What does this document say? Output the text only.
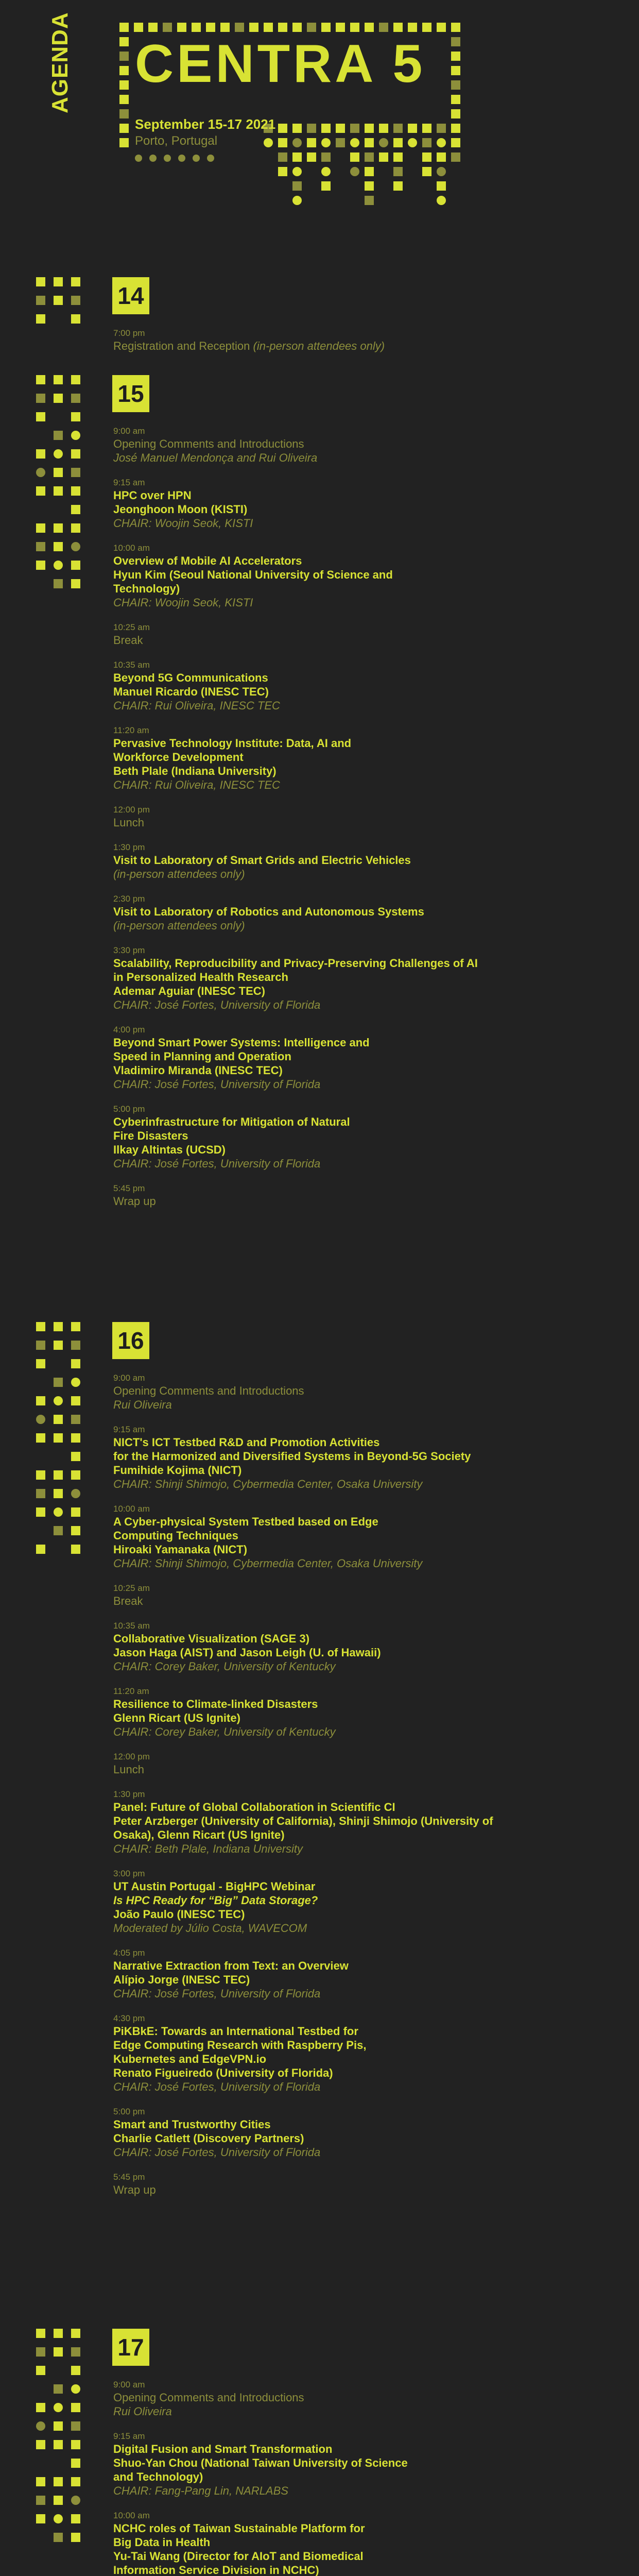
AGENDA CENTRA 5
September 15-17 2021
Porto, Portugal
14
7:00 pm
Registration and Reception (in-person attendees only)
15
9:00 am
Opening Comments and Introductions
José Manuel Mendonça and Rui Oliveira
9:15 am
HPC over HPN
Jeonghoon Moon (KISTI)
CHAIR: Woojin Seok, KISTI
10:00 am
Overview of Mobile AI Accelerators
Hyun Kim (Seoul National University of Science and
Technology)
CHAIR: Woojin Seok, KISTI
10:25 am
Break
10:35 am
Beyond 5G Communications
Manuel Ricardo (INESC TEC)
CHAIR: Rui Oliveira, INESC TEC
11:20 am
Pervasive Technology Institute: Data, AI and
Workforce Development
Beth Plale (Indiana University)
CHAIR: Rui Oliveira, INESC TEC
12:00 pm
Lunch
1:30 pm
Visit to Laboratory of Smart Grids and Electric Vehicles
(in-person attendees only)
2:30 pm
Visit to Laboratory of Robotics and Autonomous Systems
(in-person attendees only)
3:30 pm
Scalability, Reproducibility and Privacy-Preserving Challenges of AI
in Personalized Health Research
Ademar Aguiar (INESC TEC)
CHAIR: José Fortes, University of Florida
4:00 pm
Beyond Smart Power Systems: Intelligence and
Speed in Planning and Operation
Vladimiro Miranda (INESC TEC)
CHAIR: José Fortes, University of Florida
5:00 pm
Cyberinfrastructure for Mitigation of Natural
Fire Disasters
Ilkay Altintas (UCSD)
CHAIR: José Fortes, University of Florida
5:45 pm
Wrap up
16
9:00 am
Opening Comments and Introductions
Rui Oliveira
9:15 am
NICT's ICT Testbed R&D and Promotion Activities
for the Harmonized and Diversified Systems in Beyond-5G Society
Fumihide Kojima (NICT)
CHAIR: Shinji Shimojo, Cybermedia Center, Osaka University
10:00 am
A Cyber-physical System Testbed based on Edge
Computing Techniques
Hiroaki Yamanaka (NICT)
CHAIR: Shinji Shimojo, Cybermedia Center, Osaka University
10:25 am
Break
10:35 am
Collaborative Visualization (SAGE 3)
Jason Haga (AIST) and Jason Leigh (U. of Hawaii)
CHAIR: Corey Baker, University of Kentucky
11:20 am
Resilience to Climate-linked Disasters
Glenn Ricart (US Ignite)
CHAIR: Corey Baker, University of Kentucky
12:00 pm
Lunch
1:30 pm
Panel: Future of Global Collaboration in Scientific CI
Peter Arzberger (University of California), Shinji Shimojo (University of
Osaka), Glenn Ricart (US Ignite)
CHAIR: Beth Plale, Indiana University
3:00 pm
UT Austin Portugal - BigHPC Webinar
Is HPC Ready for “Big” Data Storage?
João Paulo (INESC TEC)
Moderated by Júlio Costa, WAVECOM
4:05 pm
Narrative Extraction from Text: an Overview
Alípio Jorge (INESC TEC)
CHAIR: José Fortes, University of Florida
4:30 pm
PiKBkE: Towards an International Testbed for
Edge Computing Research with Raspberry Pis,
Kubernetes and EdgeVPN.io
Renato Figueiredo (University of Florida)
CHAIR: José Fortes, University of Florida
5:00 pm
Smart and Trustworthy Cities
Charlie Catlett (Discovery Partners)
CHAIR: José Fortes, University of Florida
5:45 pm
Wrap up
17
9:00 am
Opening Comments and Introductions
Rui Oliveira
9:15 am
Digital Fusion and Smart Transformation
Shuo-Yan Chou (National Taiwan University of Science
and Technology)
CHAIR: Fang-Pang Lin, NARLABS
10:00 am
NCHC roles of Taiwan Sustainable Platform for
Big Data in Health
Yu-Tai Wang (Director for AIoT and Biomedical
Information Service Division in NCHC)
